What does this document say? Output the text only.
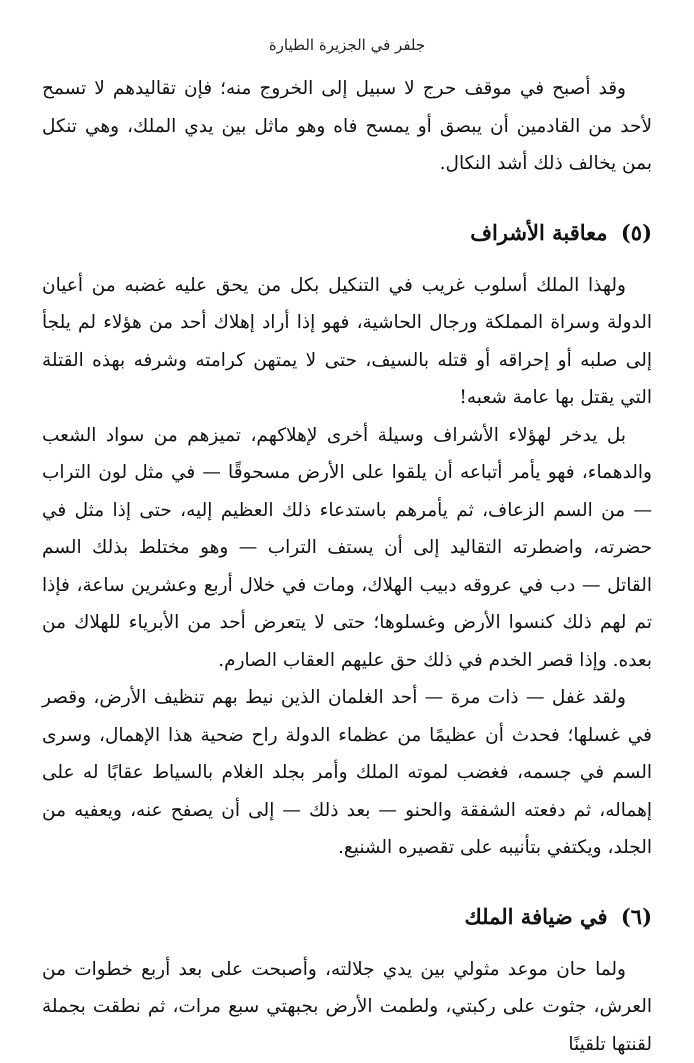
جلفر في الجزيرة الطيارة

وقد أصبح في موقف حرج لا سبيل إلى الخروج منه؛ فإن تقاليدهم لا تسمح لأحد من القادمين أن يبصق أو يمسح فاه وهو ماثل بين يدي الملك، وهي تنكل بمن يخالف ذلك أشد النكال.

(٥) معاقبة الأشراف

ولهذا الملك أسلوب غريب في التنكيل بكل من يحق عليه غضبه من أعيان الدولة وسراة المملكة ورجال الحاشية، فهو إذا أراد إهلاك أحد من هؤلاء لم يلجأ إلى صلبه أو إحراقه أو قتله بالسيف، حتى لا يمتهن كرامته وشرفه بهذه القتلة التي يقتل بها عامة شعبه!

بل يدخر لهؤلاء الأشراف وسيلة أخرى لإهلاكهم، تميزهم من سواد الشعب والدهماء، فهو يأمر أتباعه أن يلقوا على الأرض مسحوقًا — في مثل لون التراب — من السم الزعاف، ثم يأمرهم باستدعاء ذلك العظيم إليه، حتى إذا مثل في حضرته، واضطرته التقاليد إلى أن يستف التراب — وهو مختلط بذلك السم القاتل — دب في عروقه دبيب الهلاك، ومات في خلال أربع وعشرين ساعة، فإذا تم لهم ذلك كنسوا الأرض وغسلوها؛ حتى لا يتعرض أحد من الأبرياء للهلاك من بعده. وإذا قصر الخدم في ذلك حق عليهم العقاب الصارم.

ولقد غفل — ذات مرة — أحد الغلمان الذين نيط بهم تنظيف الأرض، وقصر في غسلها؛ فحدث أن عظيمًا من عظماء الدولة راح ضحية هذا الإهمال، وسرى السم في جسمه، فغضب لموته الملك وأمر بجلد الغلام بالسياط عقابًا له على إهماله، ثم دفعته الشفقة والحنو — بعد ذلك — إلى أن يصفح عنه، ويعفيه من الجلد، ويكتفي بتأنيبه على تقصيره الشنيع.

(٦) في ضيافة الملك

ولما حان موعد مثولي بين يدي جلالته، وأصبحت على بعد أربع خطوات من العرش، جثوت على ركبتي، ولطمت الأرض بجبهتي سبع مرات، ثم نطقت بجملة لقنتها تلقينًا
